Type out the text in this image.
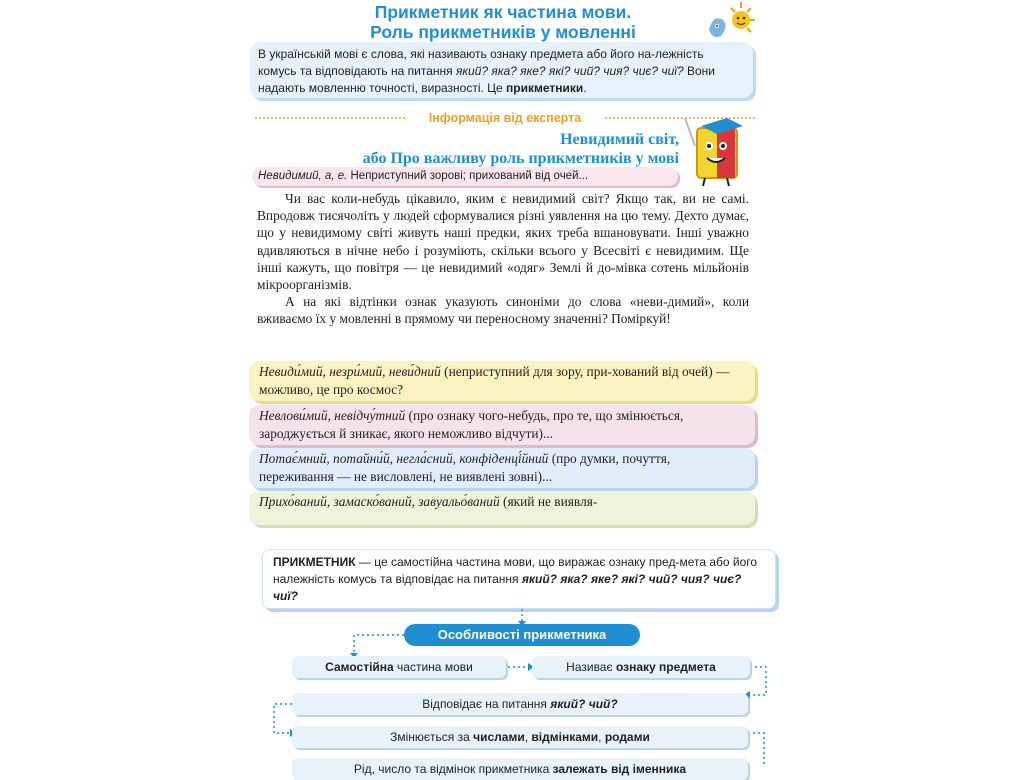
Прикметник як частина мови.
Роль прикметників у мовленні
В українській мові є слова, які називають ознаку предмета або його на-лежність комусь та відповідають на питання який? яка? яке? які? чий? чия? чиє? чиї? Вони надають мовленню точності, виразності. Це прикметники.
Інформація від експерта
Невидимий світ,
або Про важливу роль прикметників у мові
Невидимий, а, е. Неприступний зорові; прихований від очей...

Чи вас коли-небудь цікавило, яким є невидимий світ? Якщо так, ви не самі. Впродовж тисячоліть у людей сформувалися різні уявлення на цю тему. Дехто думає, що у невидимому світі живуть наші предки, яких треба вшановувати. Інші уважно вдивляються в нічне небо і розуміють, скільки всього у Всесвіті є невидимим. Ще інші кажуть, що повітря — це невидимий «одяг» Землі й до-мівка сотень мільйонів мікроорганізмів.

А на які відтінки ознак указують синоніми до слова «неви-димий», коли вживаємо їх у мовленні в прямому чи переносному значенні? Поміркуй!

Невиди́мий, незри́мий, неви́дний (неприступний для зору, при-хований від очей) — можливо, це про космос?
Невлови́мий, невідчу́тний (про ознаку чого-небудь, про те, що змінюється, зароджується й зникає, якого неможливо відчути)...
Потає́мний, потайни́й, негла́сний, конфіденці́йний (про думки, почуття, переживання — не висловлені, не виявлені зовні)...
Прихо́ваний, замаско́ваний, завуальо́ваний (який не виявля-
ПРИКМЕТНИК — це самостійна частина мови, що виражає ознаку пред-мета або його належність комусь та відповідає на питання який? яка? яке? які? чий? чия? чиє? чиї?
Особливості прикметника
Самостійна частина мови	Називає ознаку предмета
Відповідає на питання який? чий?
Змінюється за числами, відмінками, родами
Рід, число та відмінок прикметника залежать від іменника
